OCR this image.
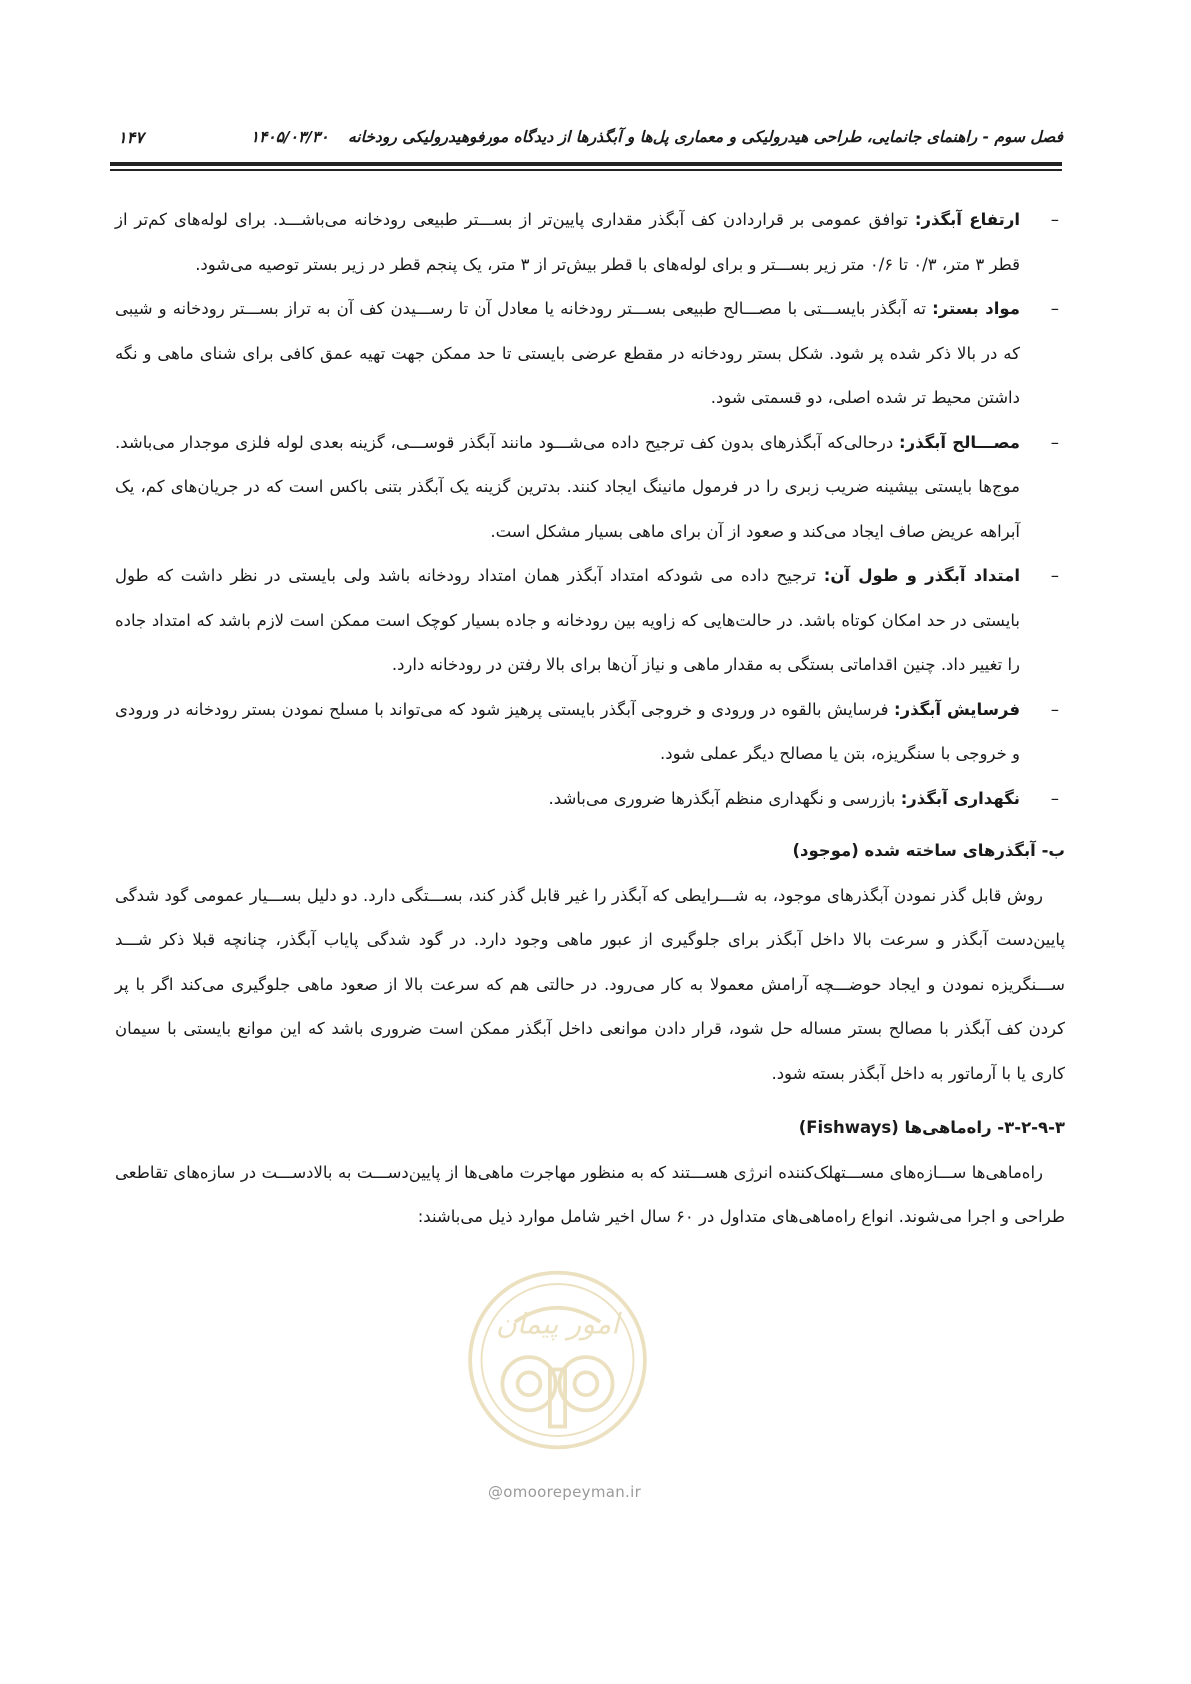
فصل سوم - راهنمای جانمایی، طراحی هیدرولیکی و معماری پل‌ها و آبگذرها از دیدگاه مورفوهیدرولیکی رودخانه ۱۴۰۵/۰۳/۳۰
۱۴۷
–
ارتفاع آبگذر: توافق عمومی بر قراردادن کف آبگذر مقداری پایین‌تر از بســـتر طبیعی رودخانه می‌باشـــد. برای لوله‌های کم‌تر از قطر ۳ متر، ۰/۳ تا ۰/۶ متر زیر بســـتر و برای لوله‌های با قطر بیش‌تر از ۳ متر، یک پنجم قطر در زیر بستر توصیه می‌شود.
–
مواد بستر: ته آبگذر بایســـتی با مصـــالح طبیعی بســـتر رودخانه یا معادل آن تا رســـیدن کف آن به تراز بســـتر رودخانه و شیبی که در بالا ذکر شده پر شود. شکل بستر رودخانه در مقطع عرضی بایستی تا حد ممکن جهت تهیه عمق کافی برای شنای ماهی و نگه داشتن محیط تر شده اصلی، دو قسمتی شود.
–
مصـــالح آبگذر: درحالی‌که آبگذرهای بدون کف ترجیح داده می‌شـــود مانند آبگذر قوســـی، گزینه بعدی لوله فلزی موجدار می‌باشد. موج‌ها بایستی بیشینه ضریب زبری را در فرمول مانینگ ایجاد کنند. بدترین گزینه یک آبگذر بتنی باکس است که در جریان‌های کم، یک آبراهه عریض صاف ایجاد می‌کند و صعود از آن برای ماهی بسیار مشکل است.
–
امتداد آبگذر و طول آن: ترجیح داده می شودکه امتداد آبگذر همان امتداد رودخانه باشد ولی بایستی در نظر داشت که طول بایستی در حد امکان کوتاه باشد. در حالت‌هایی که زاویه بین رودخانه و جاده بسیار کوچک است ممکن است لازم باشد که امتداد جاده را تغییر داد. چنین اقداماتی بستگی به مقدار ماهی و نیاز آن‌ها برای بالا رفتن در رودخانه دارد.
–
فرسایش آبگذر: فرسایش بالقوه در ورودی و خروجی آبگذر بایستی پرهیز شود که می‌تواند با مسلح نمودن بستر رودخانه در ورودی و خروجی با سنگریزه، بتن یا مصالح دیگر عملی شود.
–
نگهداری آبگذر: بازرسی و نگهداری منظم آبگذرها ضروری می‌باشد.
ب- آبگذرهای ساخته شده (موجود)
روش قابل گذر نمودن آبگذرهای موجود، به شـــرایطی که آبگذر را غیر قابل گذر کند، بســـتگی دارد. دو دلیل بســـیار عمومی گود شدگی پایین‌دست آبگذر و سرعت بالا داخل آبگذر برای جلوگیری از عبور ماهی وجود دارد. در گود شدگی پایاب آبگذر، چنانچه قبلا ذکر شـــد ســـنگریزه نمودن و ایجاد حوضـــچه آرامش معمولا به کار می‌رود. در حالتی هم که سرعت بالا از صعود ماهی جلوگیری می‌کند اگر با پر کردن کف آبگذر با مصالح بستر مساله حل شود، قرار دادن موانعی داخل آبگذر ممکن است ضروری باشد که این موانع بایستی با سیمان کاری یا با آرماتور به داخل آبگذر بسته شود.
۳-۲-۹-۳- راه‌ماهی‌ها (Fishways)
راه‌ماهی‌ها ســـازه‌های مســـتهلک‌کننده انرژی هســـتند که به منظور مهاجرت ماهی‌ها از پایین‌دســـت به بالادســـت در سازه‌های تقاطعی طراحی و اجرا می‌شوند. انواع راه‌ماهی‌های متداول در ۶۰ سال اخیر شامل موارد ذیل می‌باشند:
امور پیمان
@omoorepeyman.ir
